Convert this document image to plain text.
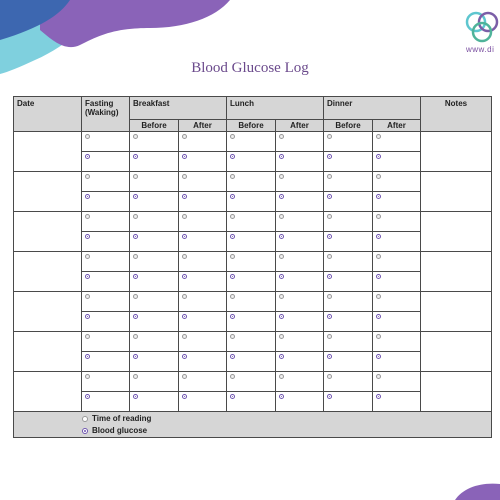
www.di
Blood Glucose Log
Date	Fasting (Waking)	Breakfast		Lunch		Dinner		Notes

		Before	After	Before	After	Before	After	

Time of reading
Blood glucose								
